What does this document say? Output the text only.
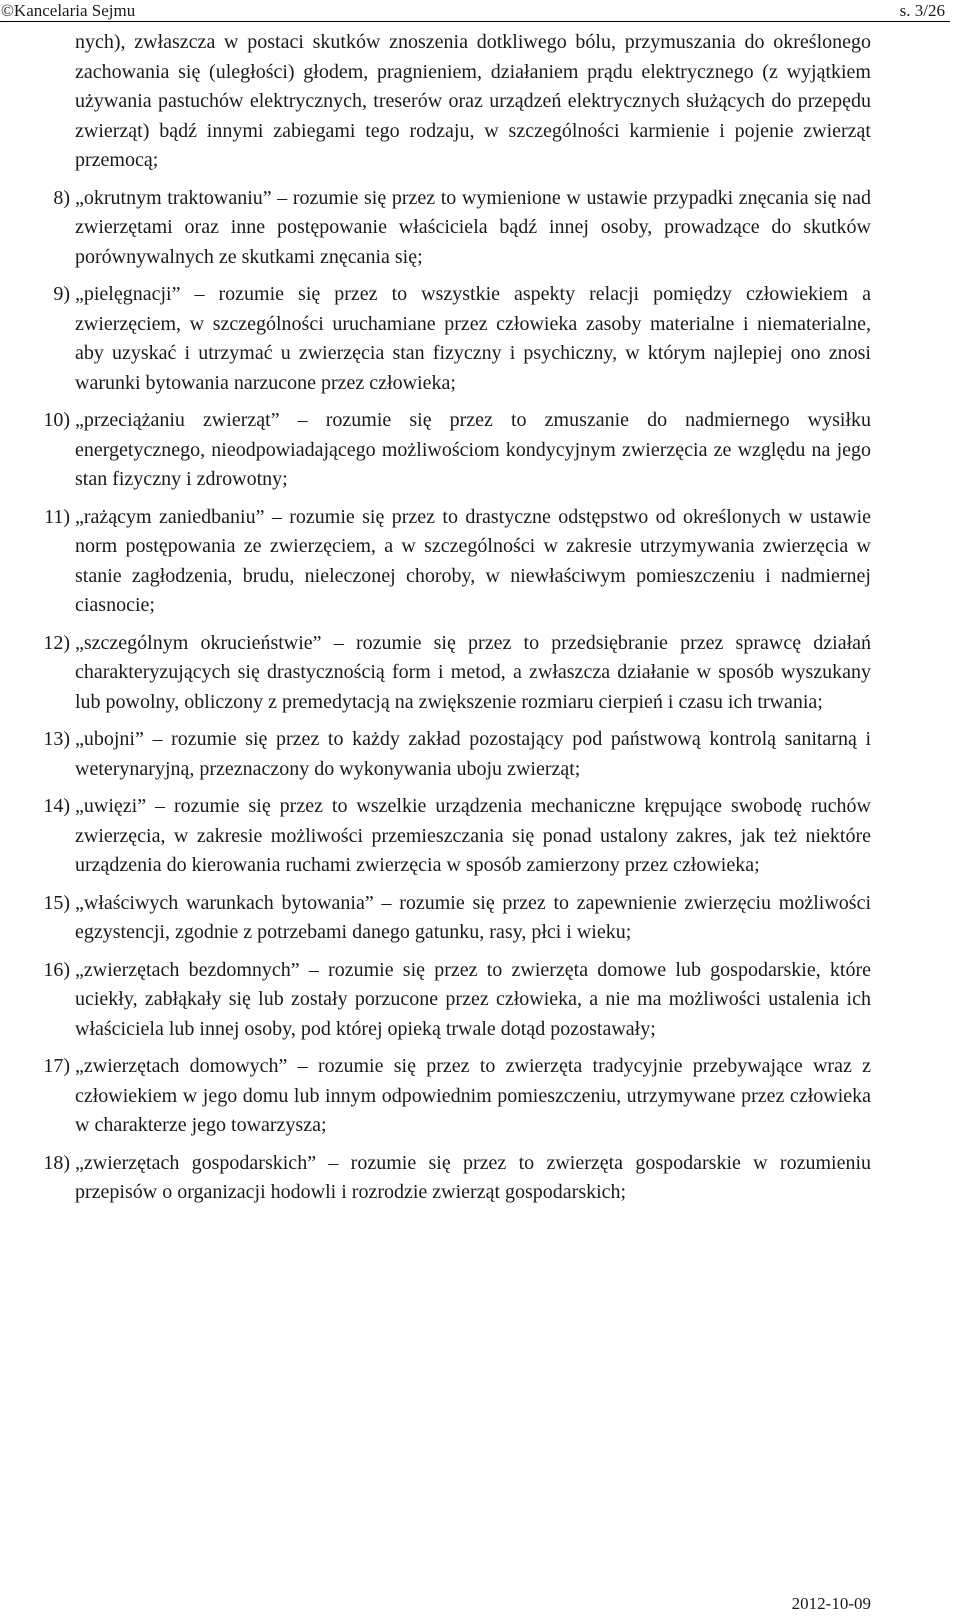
©Kancelaria Sejmu	s. 3/26

nych), zwłaszcza w postaci skutków znoszenia dotkliwego bólu, przymuszania do określonego zachowania się (uległości) głodem, pragnieniem, działaniem prądu elektrycznego (z wyjątkiem używania pastuchów elektrycznych, treserów oraz urządzeń elektrycznych służących do przepędu zwierząt) bądź innymi zabiegami tego rodzaju, w szczególności karmienie i pojenie zwierząt przemocą;

8) „okrutnym traktowaniu” – rozumie się przez to wymienione w ustawie przypadki znęcania się nad zwierzętami oraz inne postępowanie właściciela bądź innej osoby, prowadzące do skutków porównywalnych ze skutkami znęcania się;
9) „pielęgnacji” – rozumie się przez to wszystkie aspekty relacji pomiędzy człowiekiem a zwierzęciem, w szczególności uruchamiane przez człowieka zasoby materialne i niematerialne, aby uzyskać i utrzymać u zwierzęcia stan fizyczny i psychiczny, w którym najlepiej ono znosi warunki bytowania narzucone przez człowieka;
10) „przeciążaniu zwierząt” – rozumie się przez to zmuszanie do nadmiernego wysiłku energetycznego, nieodpowiadającego możliwościom kondycyjnym zwierzęcia ze względu na jego stan fizyczny i zdrowotny;
11) „rażącym zaniedbaniu” – rozumie się przez to drastyczne odstępstwo od określonych w ustawie norm postępowania ze zwierzęciem, a w szczególności w zakresie utrzymywania zwierzęcia w stanie zagłodzenia, brudu, nieleczonej choroby, w niewłaściwym pomieszczeniu i nadmiernej ciasnocie;
12) „szczególnym okrucieństwie” – rozumie się przez to przedsiębranie przez sprawcę działań charakteryzujących się drastycznością form i metod, a zwłaszcza działanie w sposób wyszukany lub powolny, obliczony z premedytacją na zwiększenie rozmiaru cierpień i czasu ich trwania;
13) „ubojni” – rozumie się przez to każdy zakład pozostający pod państwową kontrolą sanitarną i weterynaryjną, przeznaczony do wykonywania uboju zwierząt;
14) „uwięzi” – rozumie się przez to wszelkie urządzenia mechaniczne krępujące swobodę ruchów zwierzęcia, w zakresie możliwości przemieszczania się ponad ustalony zakres, jak też niektóre urządzenia do kierowania ruchami zwierzęcia w sposób zamierzony przez człowieka;
15) „właściwych warunkach bytowania” – rozumie się przez to zapewnienie zwierzęciu możliwości egzystencji, zgodnie z potrzebami danego gatunku, rasy, płci i wieku;
16) „zwierzętach bezdomnych” – rozumie się przez to zwierzęta domowe lub gospodarskie, które uciekły, zabłąkały się lub zostały porzucone przez człowieka, a nie ma możliwości ustalenia ich właściciela lub innej osoby, pod której opieką trwale dotąd pozostawały;
17) „zwierzętach domowych” – rozumie się przez to zwierzęta tradycyjnie przebywające wraz z człowiekiem w jego domu lub innym odpowiednim pomieszczeniu, utrzymywane przez człowieka w charakterze jego towarzysza;
18) „zwierzętach gospodarskich” – rozumie się przez to zwierzęta gospodarskie w rozumieniu przepisów o organizacji hodowli i rozrodzie zwierząt gospodarskich;
2012-10-09
